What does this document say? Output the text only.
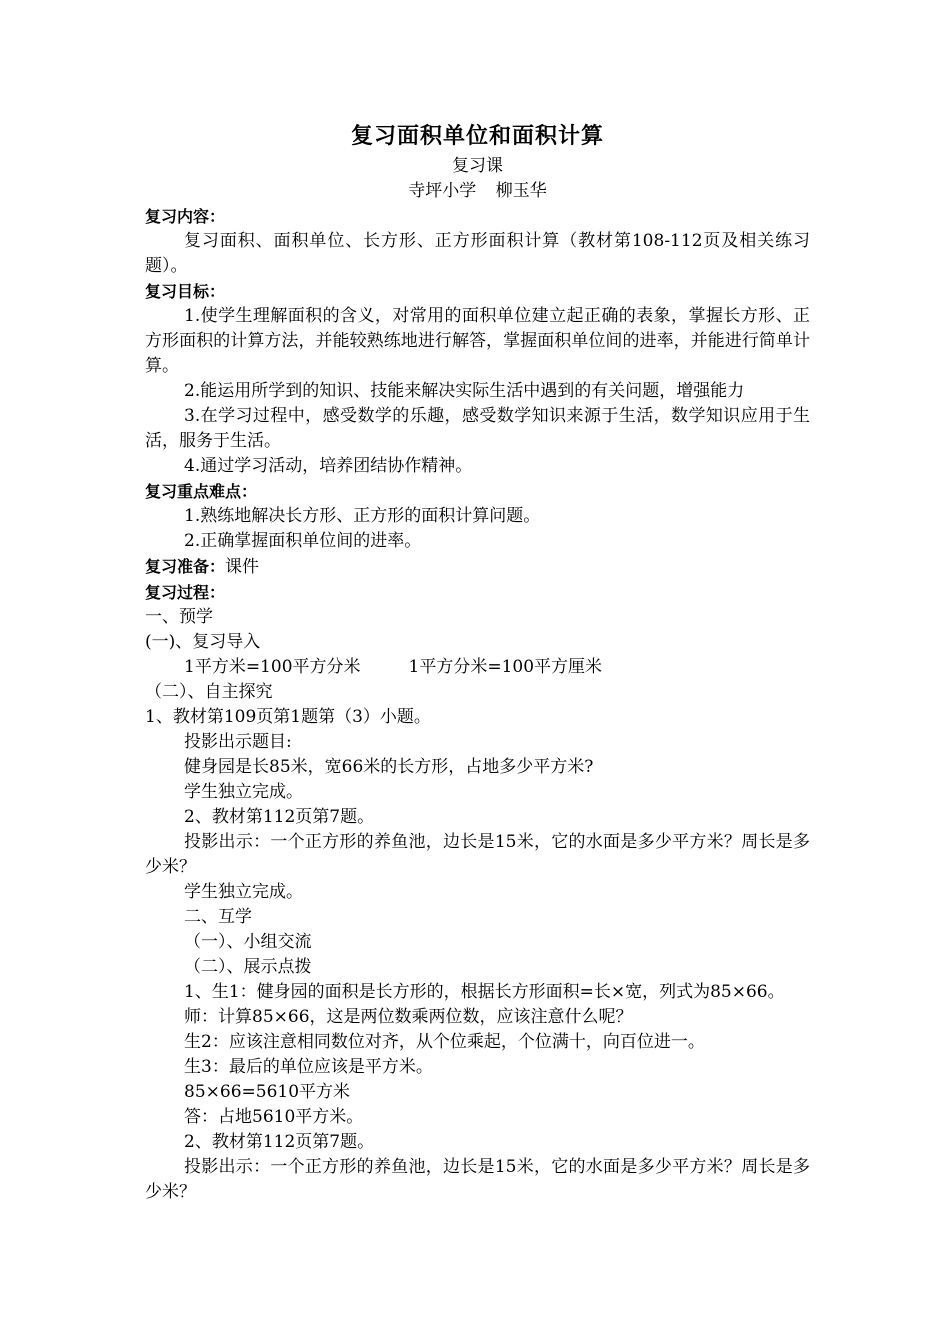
复习面积单位和面积计算
复习课
寺坪小学 柳玉华
复习内容：

复习面积、面积单位、长方形、正方形面积计算（教材第108-112页及相关练习题）。

复习目标：

1.使学生理解面积的含义，对常用的面积单位建立起正确的表象，掌握长方形、正方形面积的计算方法，并能较熟练地进行解答，掌握面积单位间的进率，并能进行简单计算。

2.能运用所学到的知识、技能来解决实际生活中遇到的有关问题，增强能力

3.在学习过程中，感受数学的乐趣，感受数学知识来源于生活，数学知识应用于生活，服务于生活。

4.通过学习活动，培养团结协作精神。

复习重点难点：

1.熟练地解决长方形、正方形的面积计算问题。

2.正确掌握面积单位间的进率。

复习准备：课件
复习过程：

一、预学

(一)、复习导入

1平方米=100平方分米	1平方分米=100平方厘米

（二）、自主探究

1、教材第109页第1题第（3）小题。

投影出示题目:

健身园是长85米，宽66米的长方形，占地多少平方米?

学生独立完成。

2、教材第112页第7题。

投影出示：一个正方形的养鱼池，边长是15米，它的水面是多少平方米？周长是多少米？

学生独立完成。

二、互学

（一）、小组交流

（二）、展示点拨

1、生1：健身园的面积是长方形的，根据长方形面积=长×宽，列式为85×66。

师：计算85×66，这是两位数乘两位数，应该注意什么呢？

生2：应该注意相同数位对齐，从个位乘起，个位满十，向百位进一。

生3：最后的单位应该是平方米。

85×66=5610平方米

答：占地5610平方米。

2、教材第112页第7题。

投影出示：一个正方形的养鱼池，边长是15米，它的水面是多少平方米？周长是多少米？
